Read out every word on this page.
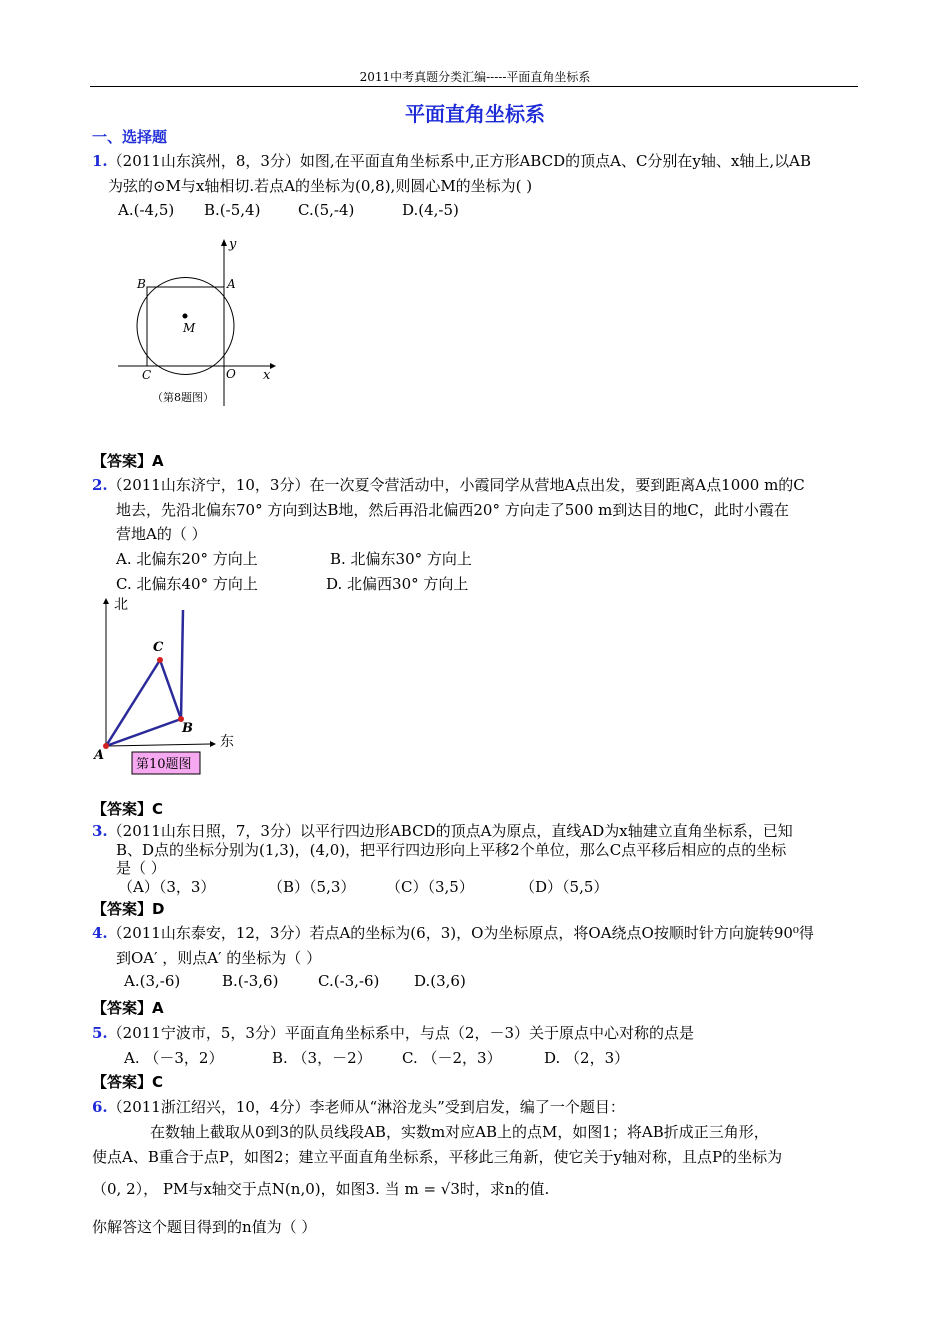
2011中考真题分类汇编-----平面直角坐标系
平面直角坐标系
一、选择题
1.（2011山东滨州，8，3分）如图,在平面直角坐标系中,正方形ABCD的顶点A、C分别在y轴、x轴上,以AB
为弦的⊙M与x轴相切.若点A的坐标为(0,8),则圆心M的坐标为( )
A.(-4,5) B.(-5,4)	C.(5,-4)	D.(4,-5)
y
x
A
B
C	O
M
（第8题图）
【答案】A
2.（2011山东济宁，10，3分）在一次夏令营活动中，小霞同学从营地A点出发，要到距离A点1000 m的C
地去，先沿北偏东70° 方向到达B地，然后再沿北偏西20° 方向走了500 m到达目的地C，此时小霞在
营地A的（ ）
A. 北偏东20° 方向上	B. 北偏东30° 方向上
C. 北偏东40° 方向上	D. 北偏西30° 方向上
北
东
C
B
A
第10题图
【答案】C
3.（2011山东日照，7，3分）以平行四边形ABCD的顶点A为原点，直线AD为x轴建立直角坐标系，已知
B、D点的坐标分别为(1,3)，(4,0)，把平行四边形向上平移2个单位，那么C点平移后相应的点的坐标
是（ ）
（A）（3，3）	（B）（5,3） （C）（3,5）	（D）（5,5）
【答案】D
4.（2011山东泰安，12，3分）若点A的坐标为(6，3)，O为坐标原点，将OA绕点O按顺时针方向旋转90⁰得
到OA′ ，则点A′ 的坐标为（ ）
A.(3,-6)	B.(-3,6)	C.(-3,-6) D.(3,6)
【答案】A
5.（2011宁波市，5，3分）平面直角坐标系中，与点（2，－3）关于原点中心对称的点是
A. （－3，2）	B. （3，－2） C. （－2，3）	D. （2，3）
【答案】C
6.（2011浙江绍兴，10，4分）李老师从“淋浴龙头”受到启发，编了一个题目：
在数轴上截取从0到3的队员线段AB，实数m对应AB上的点M，如图1；将AB折成正三角形，
使点A、B重合于点P，如图2；建立平面直角坐标系，平移此三角新，使它关于y轴对称，且点P的坐标为
（0, 2）， PM与x轴交于点N(n,0)，如图3. 当 m = √3时，求n的值.
你解答这个题目得到的n值为（ ）
